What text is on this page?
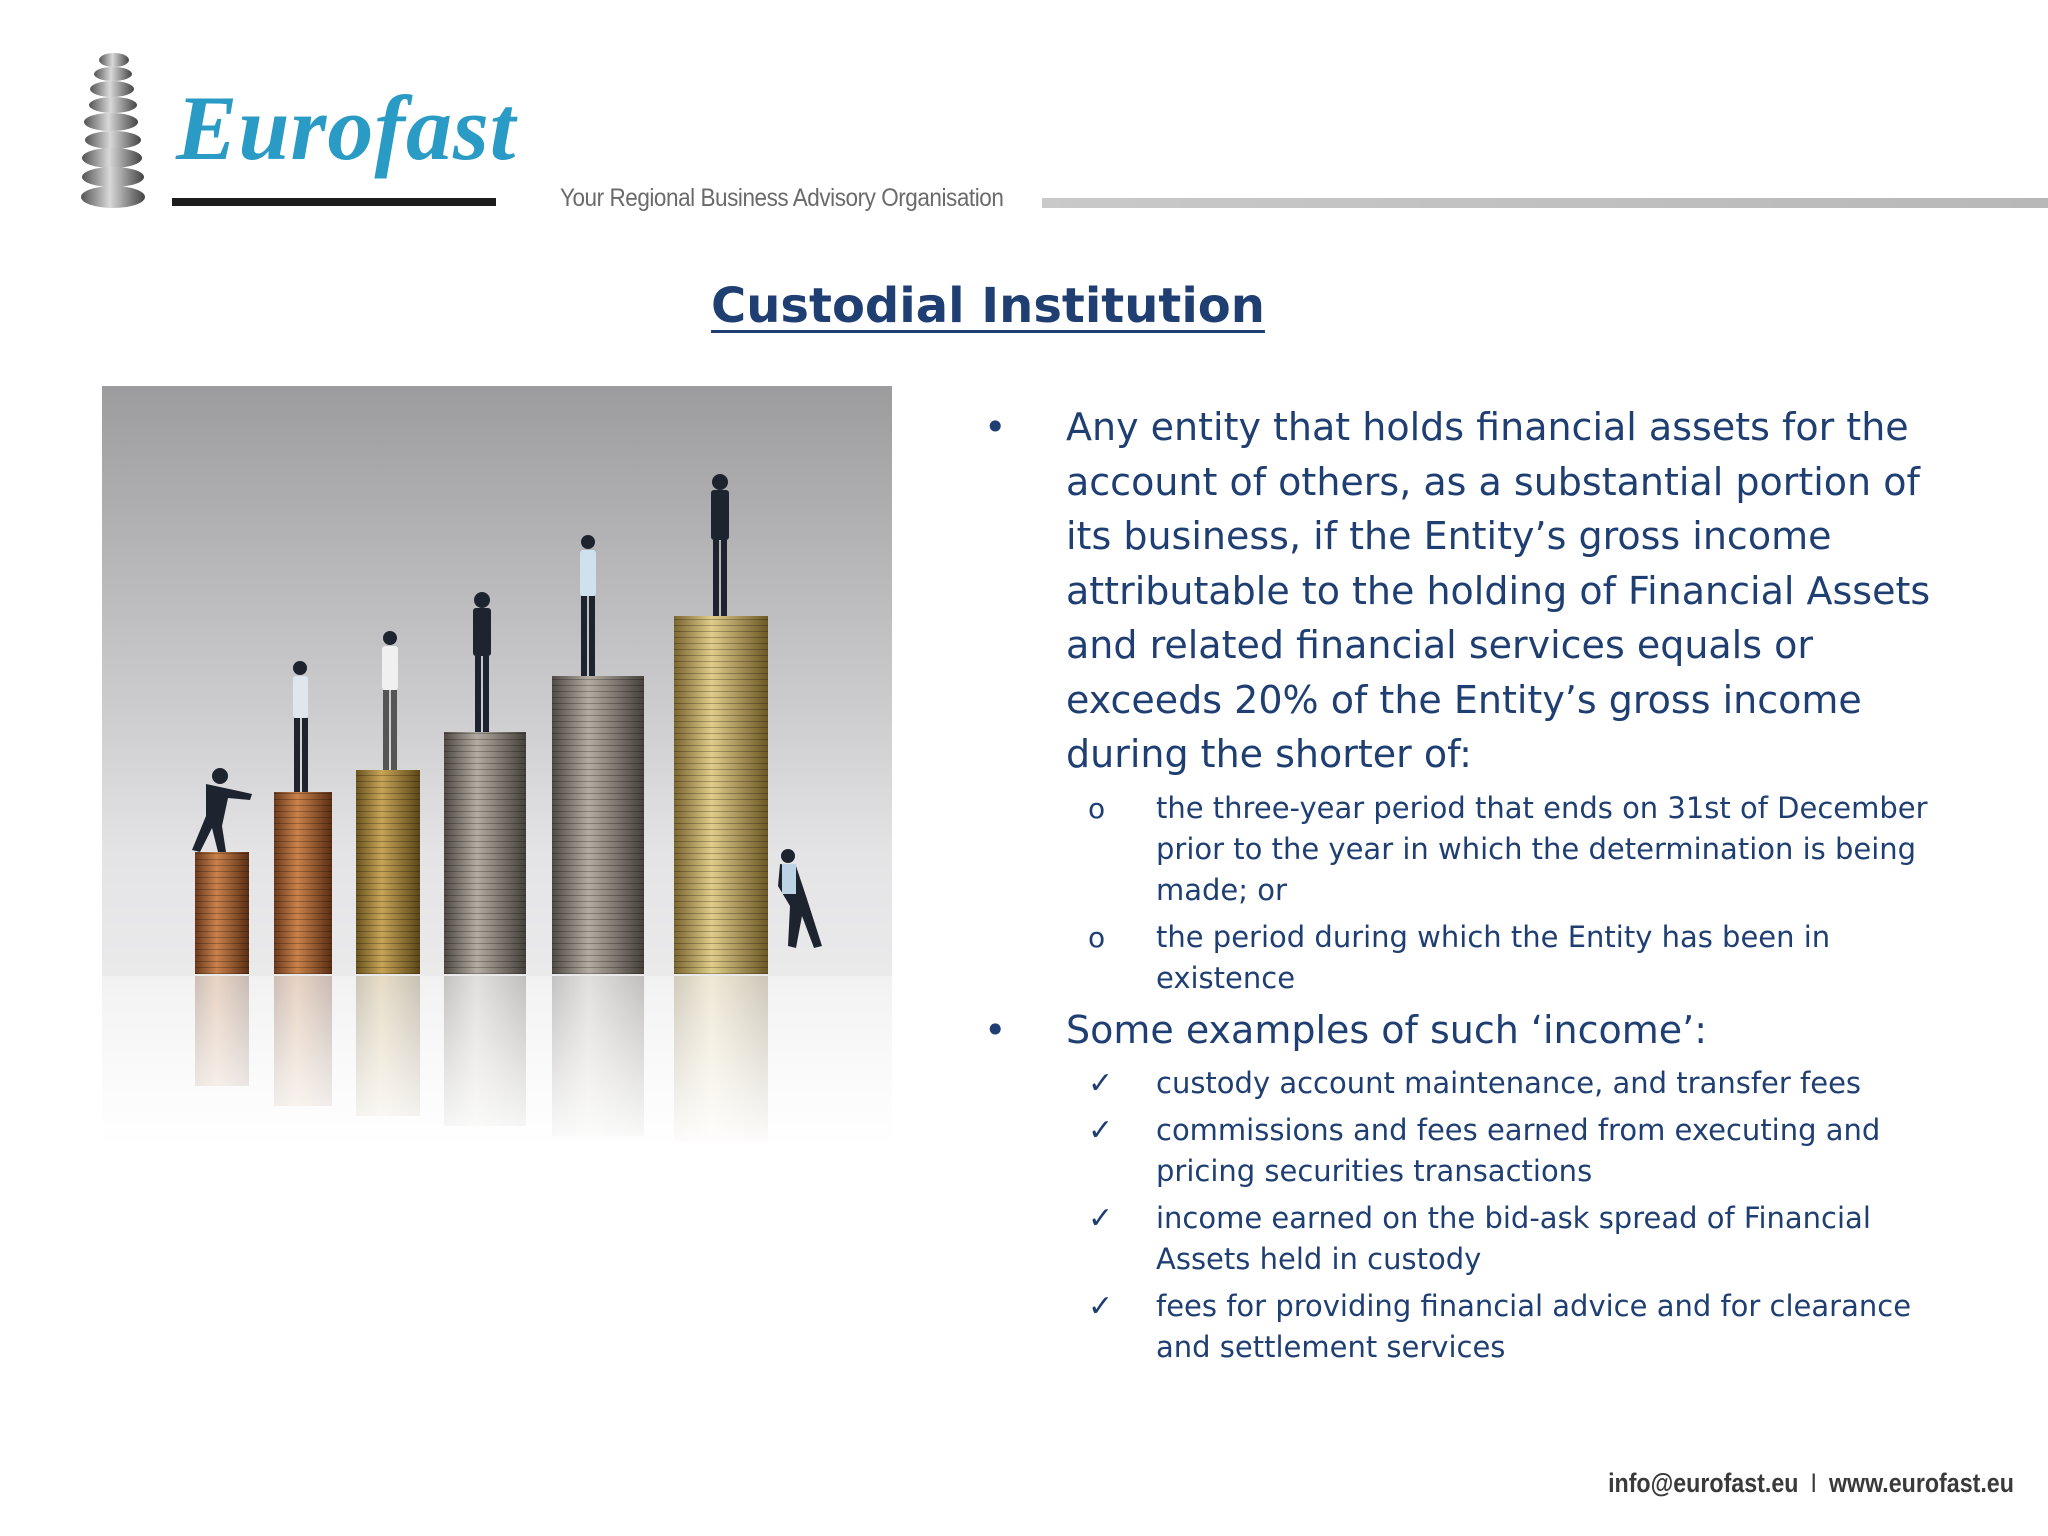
Eurofast
Your Regional Business Advisory Organisation
Custodial Institution
• Any entity that holds financial assets for the account of others, as a substantial portion of its business, if the Entity’s gross income attributable to the holding of Financial Assets and related financial services equals or exceeds 20% of the Entity’s gross income during the shorter of:
o	the three-year period that ends on 31st of December prior to the year in which the determination is being made; or
o	the period during which the Entity has been in existence
• Some examples of such ‘income’:
✓	custody account maintenance, and transfer fees
✓	commissions and fees earned from executing and pricing securities transactions
✓	income earned on the bid-ask spread of Financial Assets held in custody
✓	fees for providing financial advice and for clearance and settlement services
info@eurofast.eu I www.eurofast.eu
